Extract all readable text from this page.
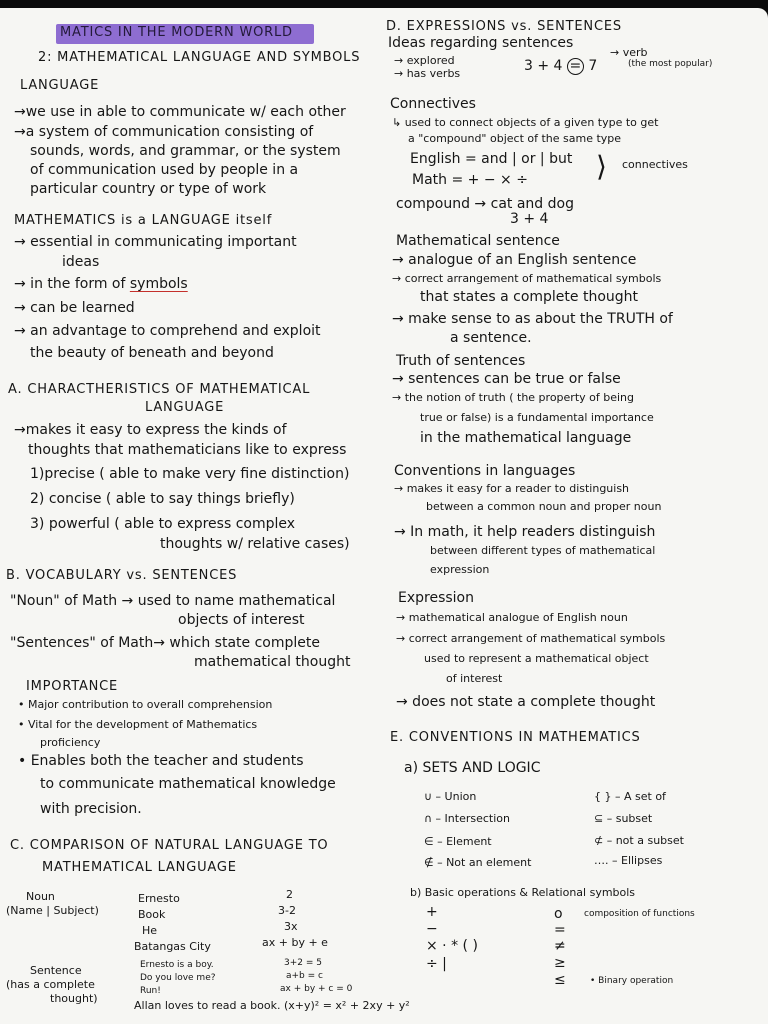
MATICS IN THE MODERN WORLD
2: MATHEMATICAL LANGUAGE AND SYMBOLS
LANGUAGE
→we use in able to communicate w/ each other
→a system of communication consisting of
sounds, words, and grammar, or the system
of communication used by people in a
particular country or type of work
MATHEMATICS is a LANGUAGE itself
→ essential in communicating important
ideas
→ in the form of symbols
→ can be learned
→ an advantage to comprehend and exploit
the beauty of beneath and beyond
A. CHARACTHERISTICS OF MATHEMATICAL
LANGUAGE
→makes it easy to express the kinds of
thoughts that mathematicians like to express
1)precise ( able to make very fine distinction)
2) concise ( able to say things briefly)
3) powerful ( able to express complex
thoughts w/ relative cases)
B. VOCABULARY vs. SENTENCES
"Noun" of Math → used to name mathematical
objects of interest
"Sentences" of Math→ which state complete
mathematical thought
IMPORTANCE
• Major contribution to overall comprehension
• Vital for the development of Mathematics
proficiency
• Enables both the teacher and students
to communicate mathematical knowledge
with precision.
C. COMPARISON OF NATURAL LANGUAGE TO
MATHEMATICAL LANGUAGE
Noun
(Name | Subject)
Ernesto
Book
He
Batangas City
2
3-2
3x
ax + by + e
Sentence
(has a complete
thought)
Ernesto is a boy.
Do you love me?
Run!
3+2 = 5
a+b = c
ax + by + c = 0
Allan loves to read a book. (x+y)² = x² + 2xy + y²
D. EXPRESSIONS vs. SENTENCES
Ideas regarding sentences
→ explored
→ has verbs	3 + 4 = 7
→ verb
(the most popular)
Connectives
↳ used to connect objects of a given type to get
a "compound" object of the same type
English = and | or | but
Math = + − × ÷ ⟩ connectives
compound → cat and dog
3 + 4
Mathematical sentence
→ analogue of an English sentence
→ correct arrangement of mathematical symbols
that states a complete thought
→ make sense to as about the TRUTH of
a sentence.
Truth of sentences
→ sentences can be true or false
→ the notion of truth ( the property of being
true or false) is a fundamental importance
in the mathematical language
Conventions in languages
→ makes it easy for a reader to distinguish
between a common noun and proper noun
→ In math, it help readers distinguish
between different types of mathematical
expression
Expression
→ mathematical analogue of English noun
→ correct arrangement of mathematical symbols
used to represent a mathematical object
of interest
→ does not state a complete thought
E. CONVENTIONS IN MATHEMATICS
a) SETS AND LOGIC
∪ – Union
∩ – Intersection
∈ – Element
∉ – Not an element
{ } – A set of
⊆ – subset
⊄ – not a subset
…. – Ellipses
b) Basic operations & Relational symbols
+
−
× · * ( )
÷ |
o
=
≠
≥
≤
composition of functions
• Binary operation
